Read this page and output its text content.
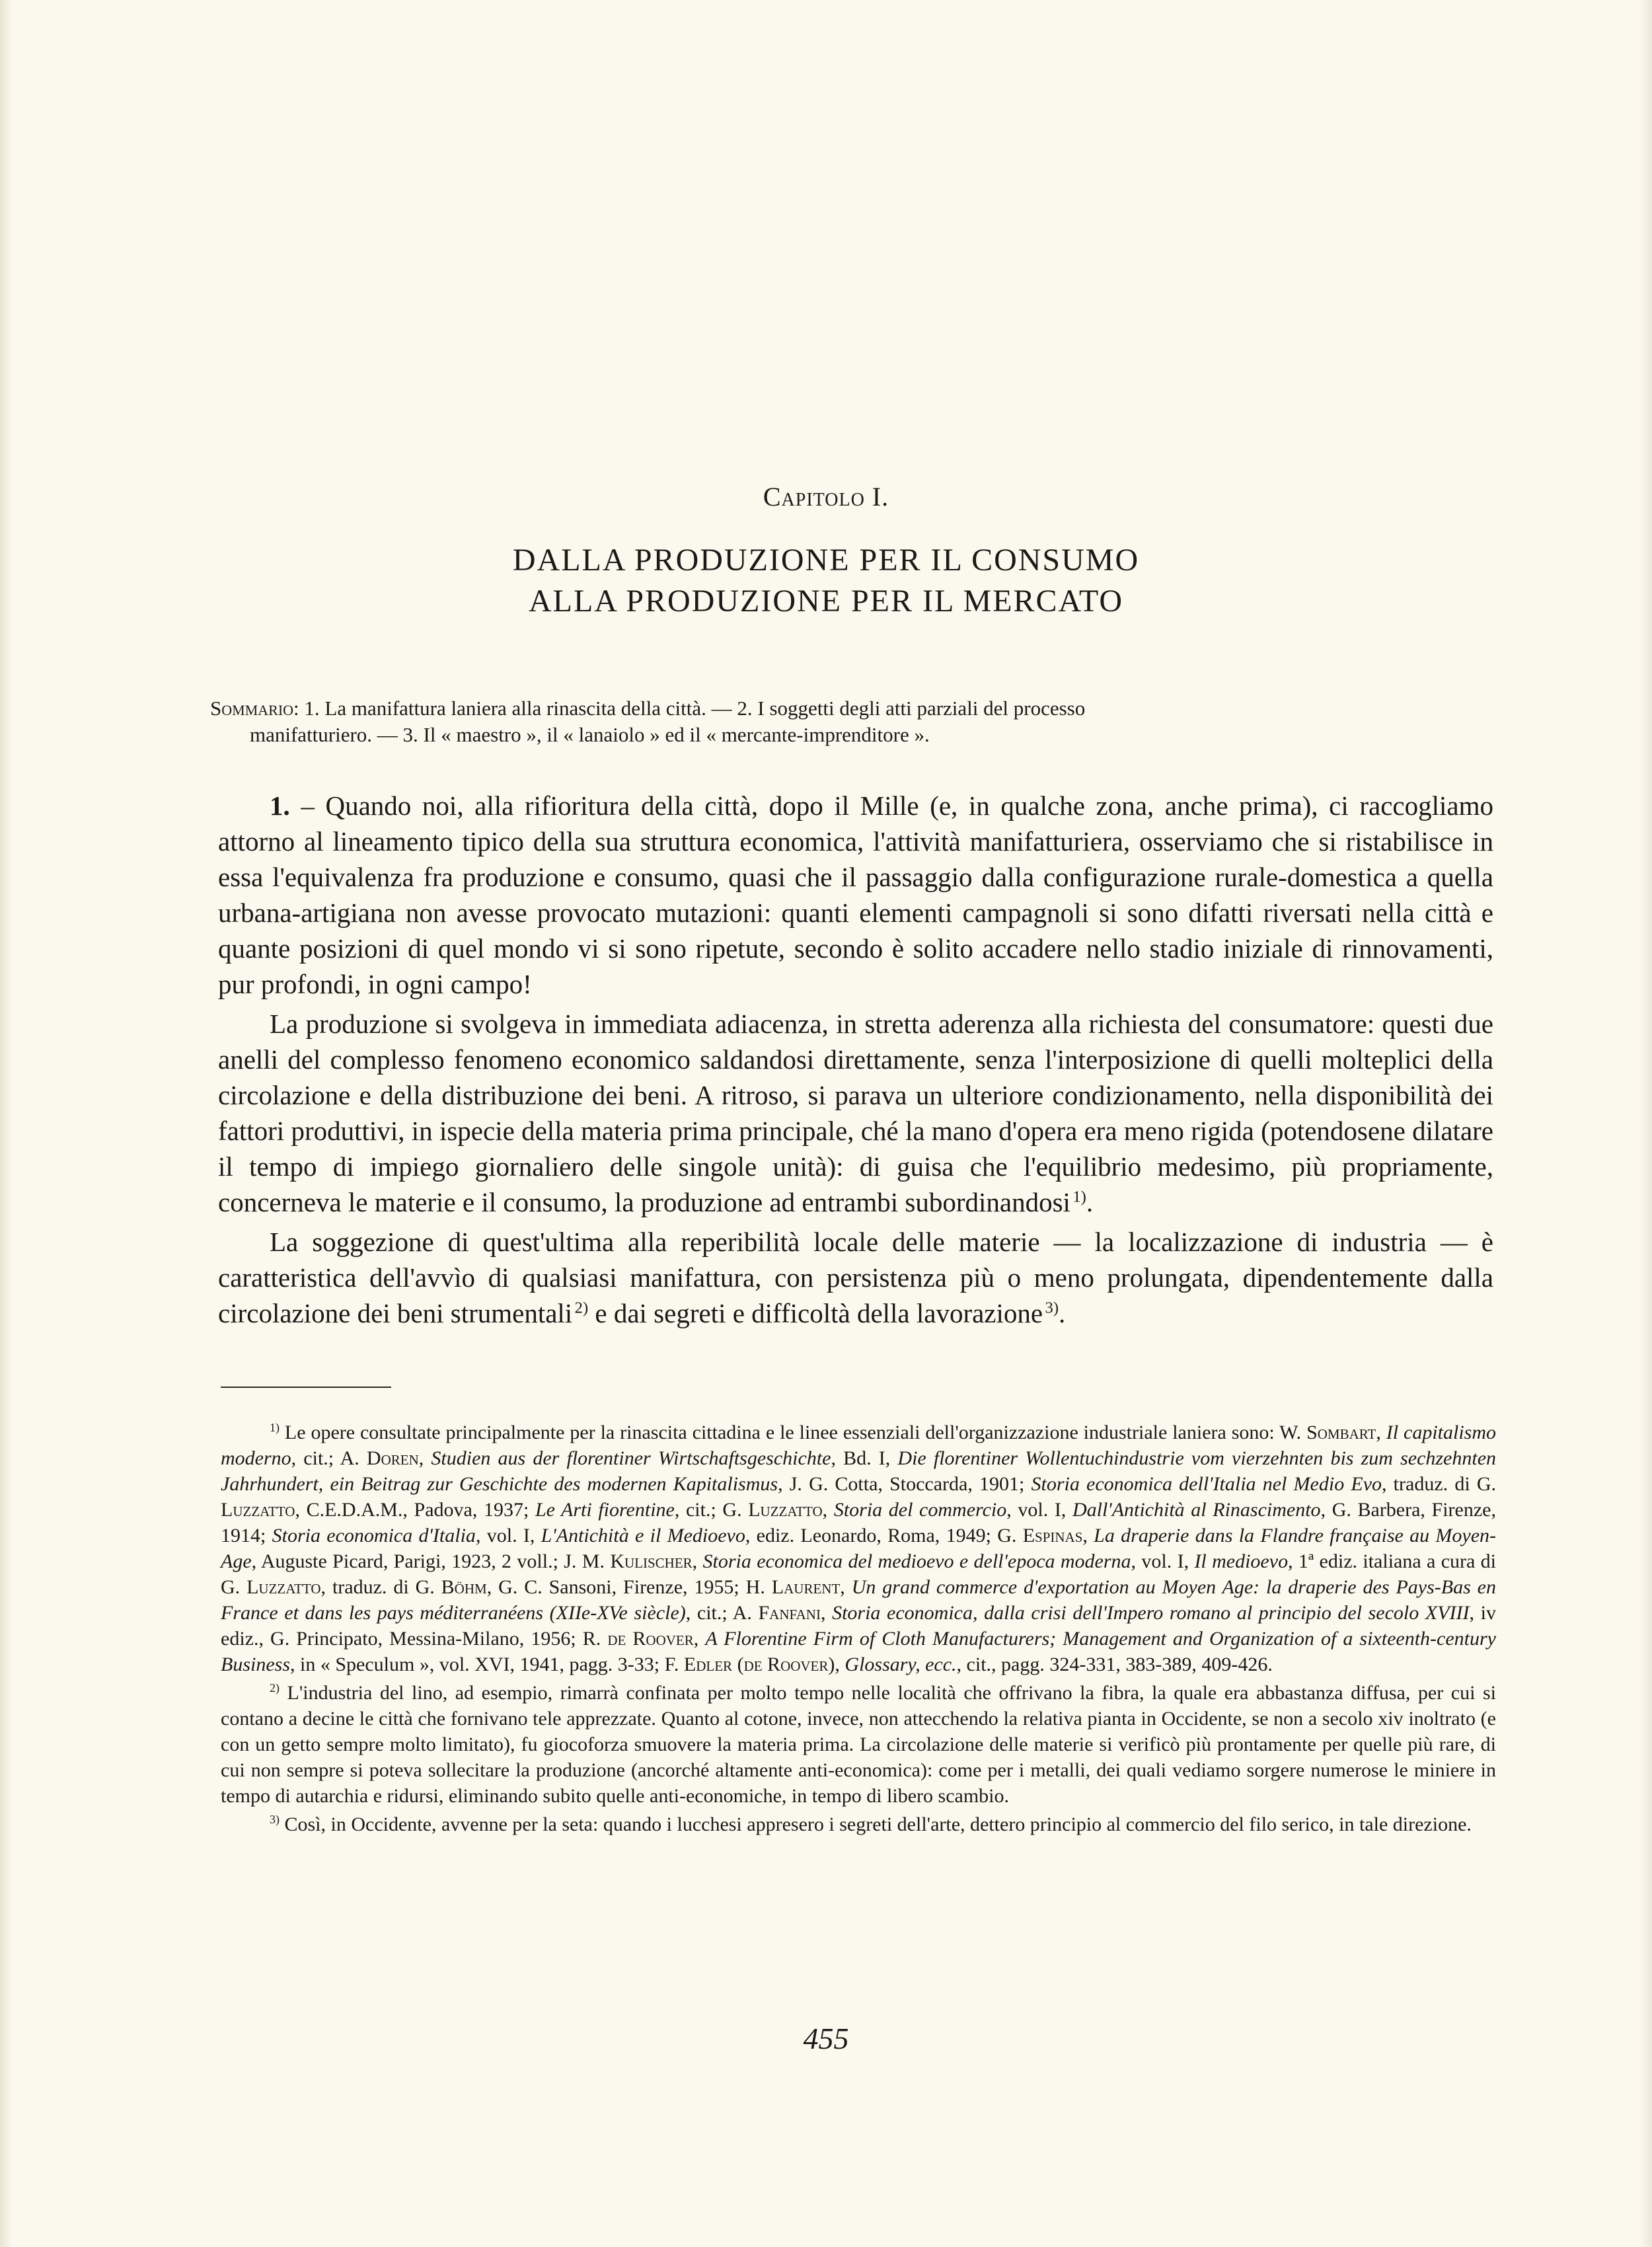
Capitolo I.
DALLA PRODUZIONE PER IL CONSUMO
ALLA PRODUZIONE PER IL MERCATO
Sommario: 1. La manifattura laniera alla rinascita della città. — 2. I soggetti degli atti parziali del processo
manifatturiero. — 3. Il « maestro », il « lanaiolo » ed il « mercante-imprenditore ».

1. – Quando noi, alla rifioritura della città, dopo il Mille (e, in qualche zona, anche prima), ci raccogliamo attorno al lineamento tipico della sua struttura economica, l'attività manifatturiera, osserviamo che si ristabilisce in essa l'equivalenza fra produzione e consumo, quasi che il passaggio dalla configurazione rurale-domestica a quella urbana-artigiana non avesse provocato mutazioni: quanti elementi campagnoli si sono difatti riversati nella città e quante posizioni di quel mondo vi si sono ripetute, secondo è solito accadere nello stadio iniziale di rinnovamenti, pur profondi, in ogni campo!

La produzione si svolgeva in immediata adiacenza, in stretta aderenza alla richiesta del consumatore: questi due anelli del complesso fenomeno economico saldandosi direttamente, senza l'interposizione di quelli molteplici della circolazione e della distribuzione dei beni. A ritroso, si parava un ulteriore condizionamento, nella disponibilità dei fattori produttivi, in ispecie della materia prima principale, ché la mano d'opera era meno rigida (potendosene dilatare il tempo di impiego giornaliero delle singole unità): di guisa che l'equilibrio medesimo, più propriamente, concerneva le materie e il consumo, la produzione ad entrambi subordinandosi  $^{1)}$.

La soggezione di quest'ultima alla reperibilità locale delle materie — la localizzazione di industria — è caratteristica dell'avvìo di qualsiasi manifattura, con persistenza più o meno prolungata, dipendentemente dalla circolazione dei beni strumentali  $^{2)}$ e dai segreti e difficoltà della lavorazione  $^{3)}$.

$^{1)}$ Le opere consultate principalmente per la rinascita cittadina e le linee essenziali dell'organizzazione industriale laniera sono: W. Sombart, Il capitalismo moderno, cit.; A. Doren, Studien aus der florentiner Wirtschaftsgeschichte, Bd. I, Die florentiner Wollentuchindustrie vom vierzehnten bis zum sechzehnten Jahrhundert, ein Beitrag zur Geschichte des modernen Kapitalismus, J. G. Cotta, Stoccarda, 1901; Storia economica dell'Italia nel Medio Evo, traduz. di G. Luzzatto, C.E.D.A.M., Padova, 1937; Le Arti fiorentine, cit.; G. Luzzatto, Storia del commercio, vol. I, Dall'Antichità al Rinascimento, G. Barbera, Firenze, 1914; Storia economica d'Italia, vol. I, L'Antichità e il Medioevo, ediz. Leonardo, Roma, 1949; G. Espinas, La draperie dans la Flandre française au Moyen-Age, Auguste Picard, Parigi, 1923, 2 voll.; J. M. Kulischer, Storia economica del medioevo e dell'epoca moderna, vol. I, Il medioevo, 1ª ediz. italiana a cura di G. Luzzatto, traduz. di G. Böhm, G. C. Sansoni, Firenze, 1955; H. Laurent, Un grand commerce d'exportation au Moyen Age: la draperie des Pays-Bas en France et dans les pays méditerranéens (XIIe-XVe siècle), cit.; A. Fanfani, Storia economica, dalla crisi dell'Impero romano al principio del secolo XVIII, iv ediz., G. Principato, Messina-Milano, 1956; R. de Roover, A Florentine Firm of Cloth Manufacturers; Management and Organization of a sixteenth-century Business, in « Speculum », vol. XVI, 1941, pagg. 3-33; F. Edler (de Roover), Glossary, ecc., cit., pagg. 324-331, 383-389, 409-426.

$^{2)}$ L'industria del lino, ad esempio, rimarrà confinata per molto tempo nelle località che offrivano la fibra, la quale era abbastanza diffusa, per cui si contano a decine le città che fornivano tele apprezzate. Quanto al cotone, invece, non attecchendo la relativa pianta in Occidente, se non a secolo xiv inoltrato (e con un getto sempre molto limitato), fu giocoforza smuovere la materia prima. La circolazione delle materie si verificò più prontamente per quelle più rare, di cui non sempre si poteva sollecitare la produzione (ancorché altamente anti-economica): come per i metalli, dei quali vediamo sorgere numerose le miniere in tempo di autarchia e ridursi, eliminando subito quelle anti-economiche, in tempo di libero scambio.

$^{3)}$ Così, in Occidente, avvenne per la seta: quando i lucchesi appresero i segreti dell'arte, dettero principio al commercio del filo serico, in tale direzione.

455
